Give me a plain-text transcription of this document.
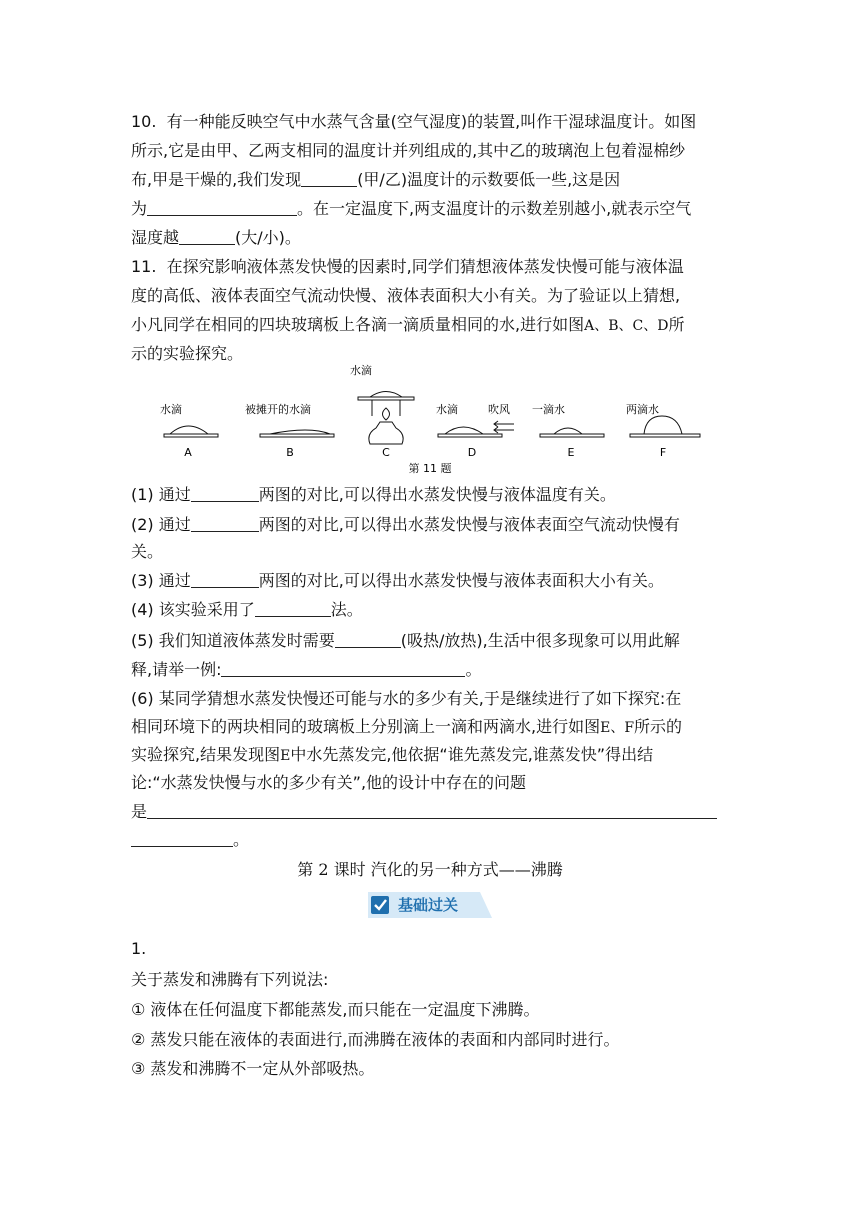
10. 有一种能反映空气中水蒸气含量(空气湿度)的装置,叫作干湿球温度计。如图
所示,它是由甲、乙两支相同的温度计并列组成的,其中乙的玻璃泡上包着湿棉纱
布,甲是干燥的,我们发现	(甲/乙)温度计的示数要低一些,这是因
为	。在一定温度下,两支温度计的示数差别越小,就表示空气
湿度越	(大/小)。
11. 在探究影响液体蒸发快慢的因素时,同学们猜想液体蒸发快慢可能与液体温
度的高低、液体表面空气流动快慢、液体表面积大小有关。为了验证以上猜想,
小凡同学在相同的四块玻璃板上各滴一滴质量相同的水,进行如图A、B、C、D所
示的实验探究。
水滴
A
被摊开的水滴
B
水滴
C
水滴	吹风
D
一滴水
E
两滴水
F
第 11 题
(1) 通过	两图的对比,可以得出水蒸发快慢与液体温度有关。
(2) 通过	两图的对比,可以得出水蒸发快慢与液体表面空气流动快慢有
关。
(3) 通过	两图的对比,可以得出水蒸发快慢与液体表面积大小有关。
(4) 该实验采用了	法。
(5) 我们知道液体蒸发时需要	(吸热/放热),生活中很多现象可以用此解
释,请举一例:	。
(6) 某同学猜想水蒸发快慢还可能与水的多少有关,于是继续进行了如下探究:在
相同环境下的两块相同的玻璃板上分别滴上一滴和两滴水,进行如图E、F所示的
实验探究,结果发现图E中水先蒸发完,他依据“谁先蒸发完,谁蒸发快”得出结
论:“水蒸发快慢与水的多少有关”,他的设计中存在的问题
是
。
第 2 课时 汽化的另一种方式——沸腾
基础过关
1.
关于蒸发和沸腾有下列说法:
① 液体在任何温度下都能蒸发,而只能在一定温度下沸腾。
② 蒸发只能在液体的表面进行,而沸腾在液体的表面和内部同时进行。
③ 蒸发和沸腾不一定从外部吸热。
